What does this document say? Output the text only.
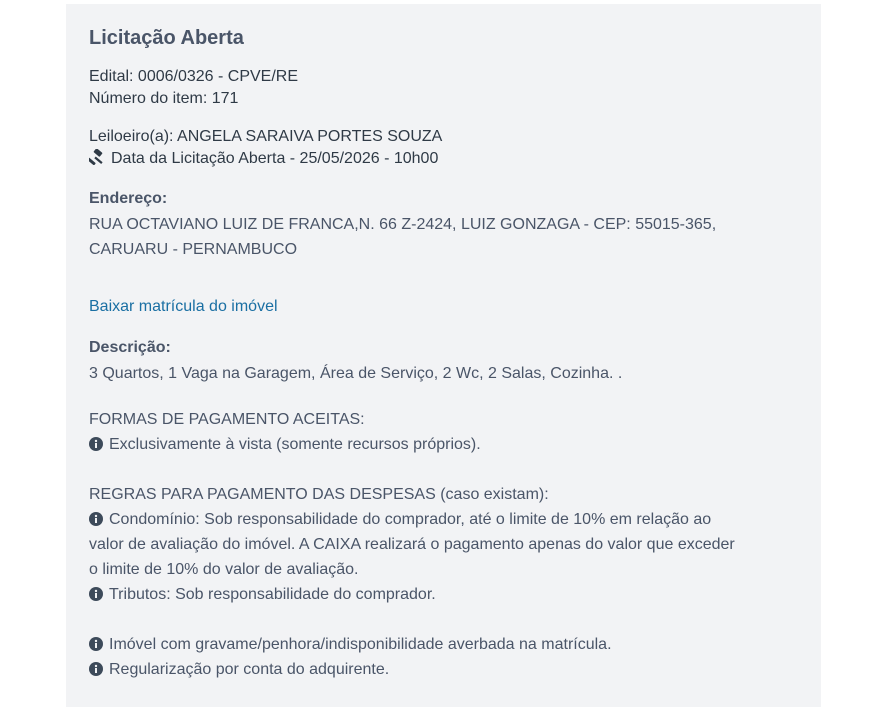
Licitação Aberta
Edital: 0006/0326 - CPVE/RE
Número do item: 171
Leiloeiro(a): ANGELA SARAIVA PORTES SOUZA
Data da Licitação Aberta - 25/05/2026 - 10h00
Endereço:
RUA OCTAVIANO LUIZ DE FRANCA,N. 66 Z-2424, LUIZ GONZAGA - CEP: 55015-365,
CARUARU - PERNAMBUCO
Baixar matrícula do imóvel
Descrição:
3 Quartos, 1 Vaga na Garagem, Área de Serviço, 2 Wc, 2 Salas, Cozinha. .
FORMAS DE PAGAMENTO ACEITAS:
Exclusivamente à vista (somente recursos próprios).
REGRAS PARA PAGAMENTO DAS DESPESAS (caso existam):
Condomínio: Sob responsabilidade do comprador, até o limite de 10% em relação ao
valor de avaliação do imóvel. A CAIXA realizará o pagamento apenas do valor que exceder
o limite de 10% do valor de avaliação.
Tributos: Sob responsabilidade do comprador.
Imóvel com gravame/penhora/indisponibilidade averbada na matrícula.
Regularização por conta do adquirente.
